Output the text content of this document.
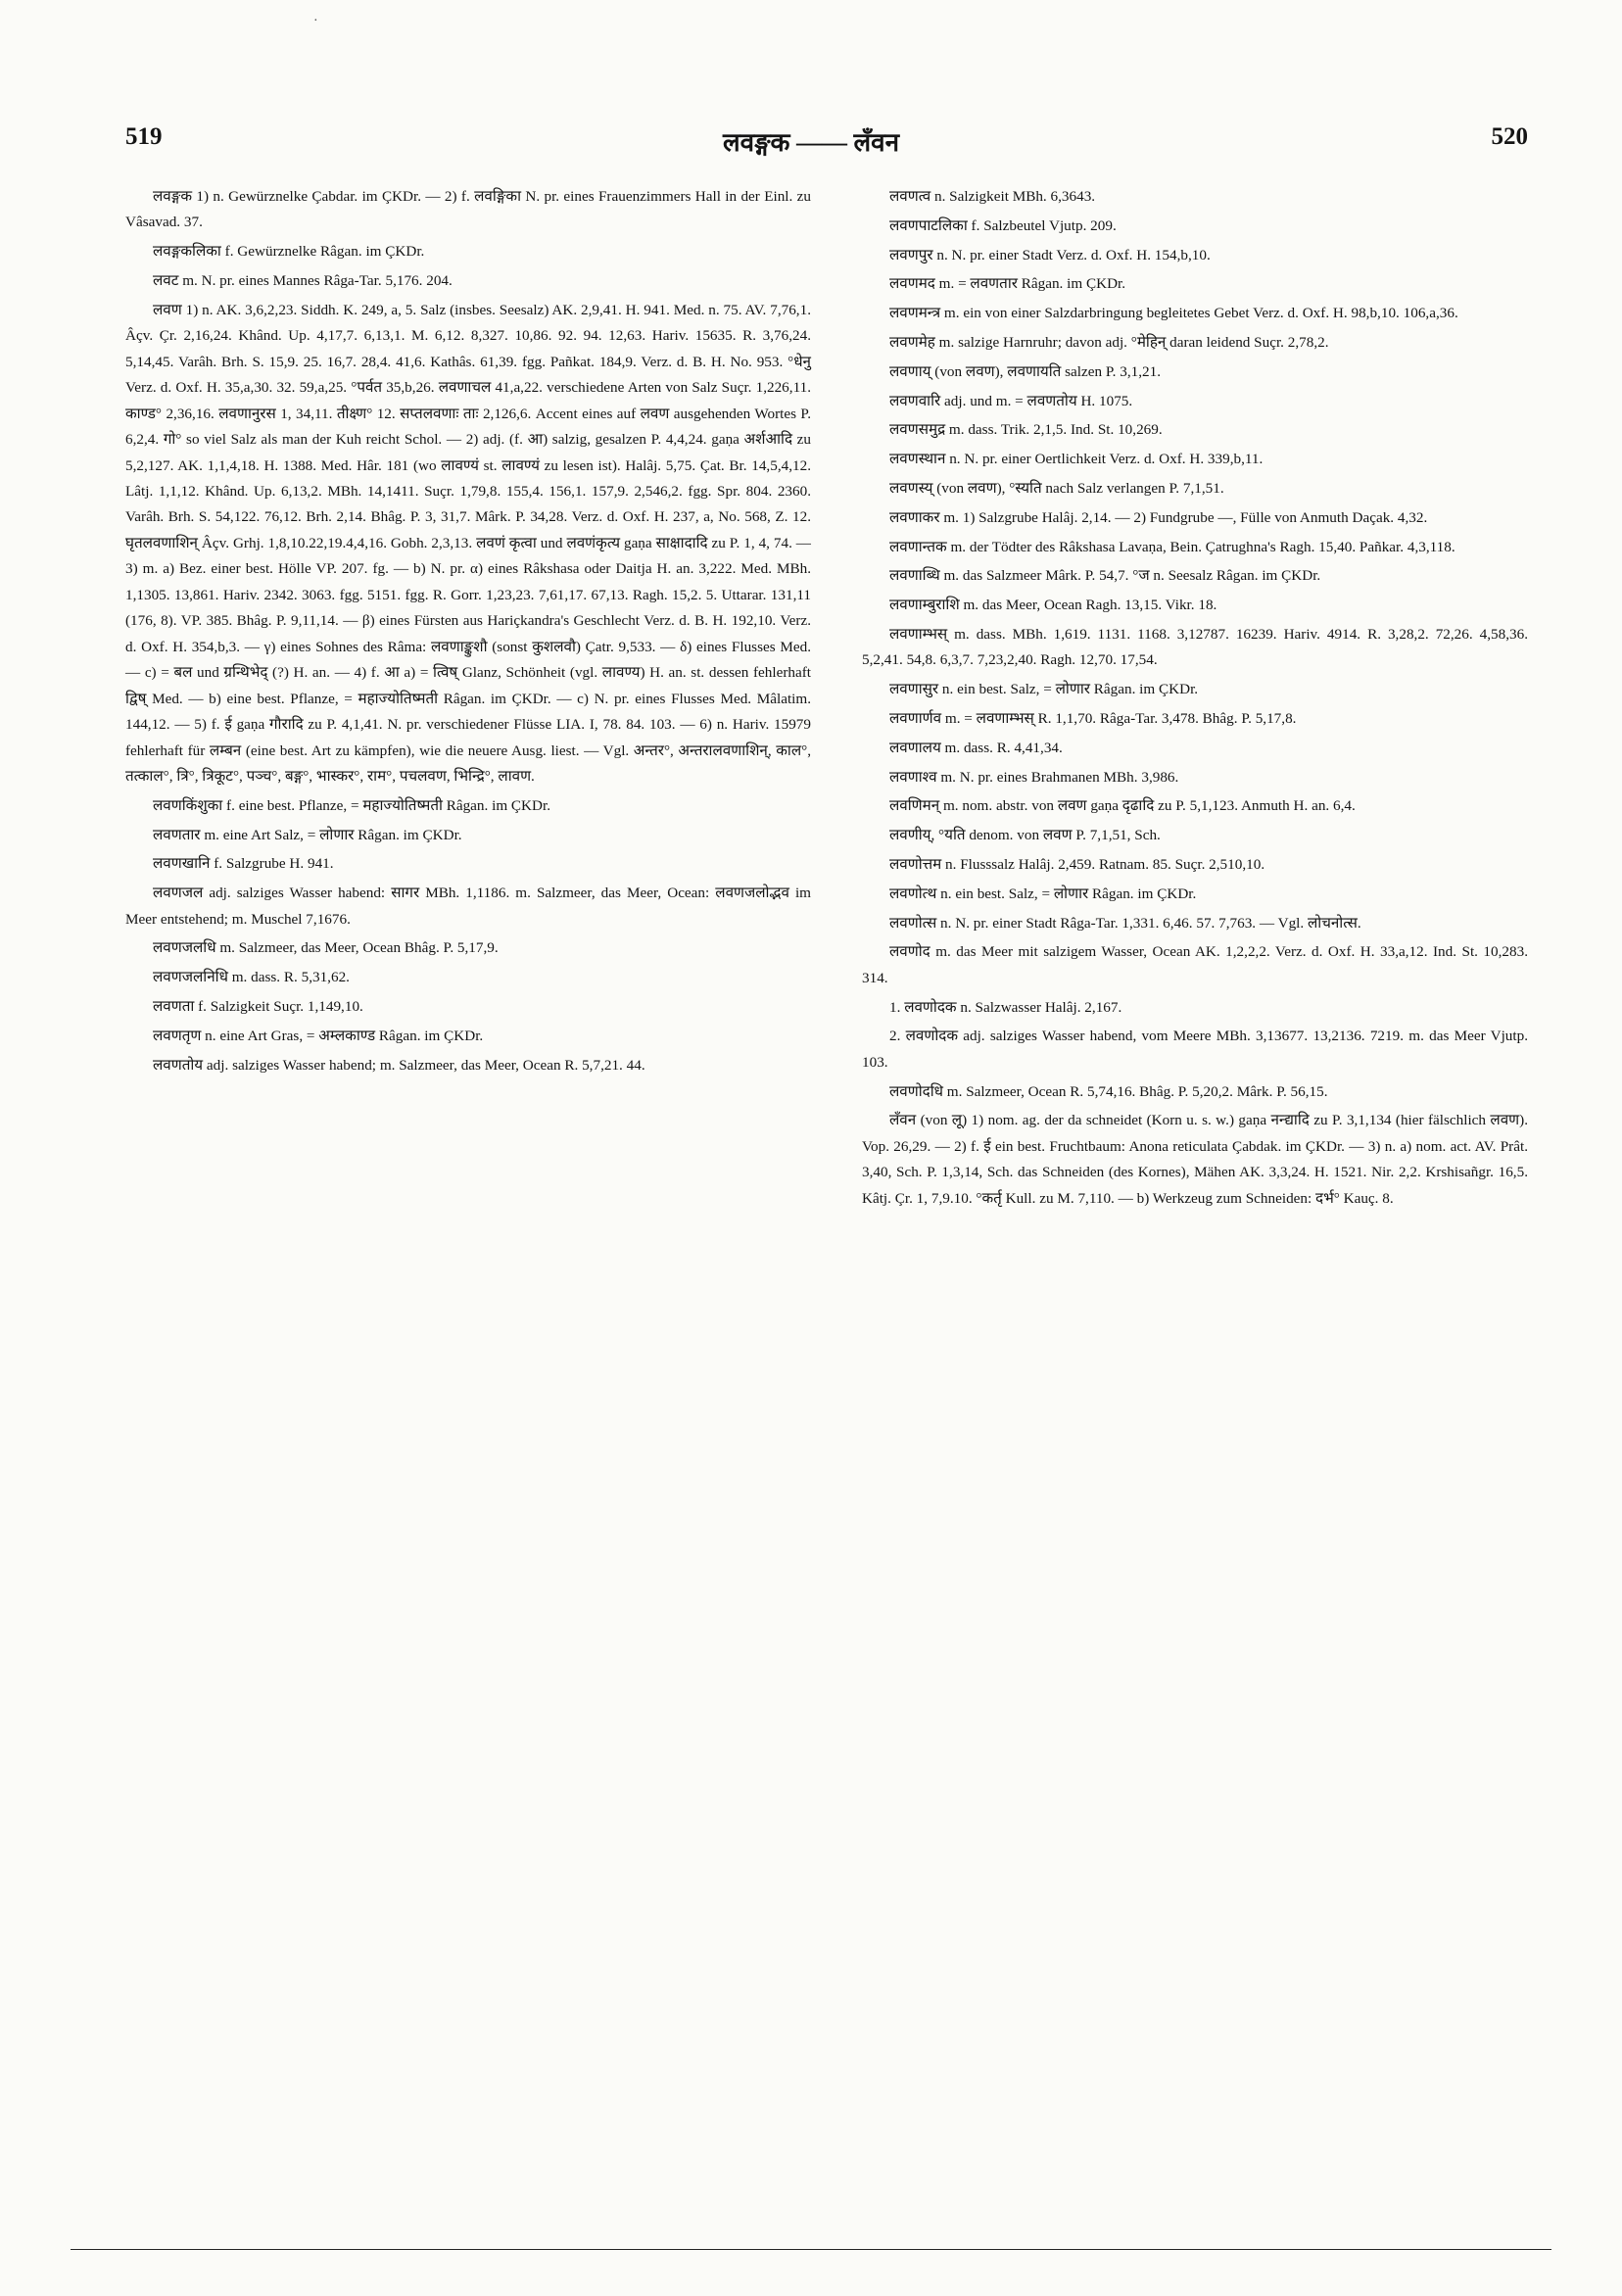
·
519	लवङ्गक —— लँवन	520

लवङ्गक 1) n. Gewürznelke Çabdar. im ÇKDr. — 2) f. लवङ्गिका N. pr. eines Frauenzimmers Hall in der Einl. zu Vâsavad. 37.

लवङ्गकलिका f. Gewürznelke Râgan. im ÇKDr.

लवट m. N. pr. eines Mannes Râga-Tar. 5,176. 204.

लवण 1) n. AK. 3,6,2,23. Siddh. K. 249, a, 5. Salz (insbes. Seesalz) AK. 2,9,41. H. 941. Med. n. 75. AV. 7,76,1. Âçv. Çr. 2,16,24. Khând. Up. 4,17,7. 6,13,1. M. 6,12. 8,327. 10,86. 92. 94. 12,63. Hariv. 15635. R. 3,76,24. 5,14,45. Varâh. Brh. S. 15,9. 25. 16,7. 28,4. 41,6. Kathâs. 61,39. fgg. Pañkat. 184,9. Verz. d. B. H. No. 953. °धेनु Verz. d. Oxf. H. 35,a,30. 32. 59,a,25. °पर्वत 35,b,26. लवणाचल 41,a,22. verschiedene Arten von Salz Suçr. 1,226,11. काण्ड° 2,36,16. लवणानुरस 1, 34,11. तीक्ष्ण° 12. सप्तलवणाः ताः 2,126,6. Accent eines auf लवण ausgehenden Wortes P. 6,2,4. गो° so viel Salz als man der Kuh reicht Schol. — 2) adj. (f. आ) salzig, gesalzen P. 4,4,24. gaṇa अर्शआदि zu 5,2,127. AK. 1,1,4,18. H. 1388. Med. Hâr. 181 (wo लावण्यं st. लावण्यं zu lesen ist). Halâj. 5,75. Çat. Br. 14,5,4,12. Lâtj. 1,1,12. Khând. Up. 6,13,2. MBh. 14,1411. Suçr. 1,79,8. 155,4. 156,1. 157,9. 2,546,2. fgg. Spr. 804. 2360. Varâh. Brh. S. 54,122. 76,12. Brh. 2,14. Bhâg. P. 3, 31,7. Mârk. P. 34,28. Verz. d. Oxf. H. 237, a, No. 568, Z. 12. घृतलवणाशिन् Âçv. Grhj. 1,8,10.22,19.4,4,16. Gobh. 2,3,13. लवणं कृत्वा und लवणंकृत्य gaṇa साक्षादादि zu P. 1, 4, 74. — 3) m. a) Bez. einer best. Hölle VP. 207. fg. — b) N. pr. α) eines Râkshasa oder Daitja H. an. 3,222. Med. MBh. 1,1305. 13,861. Hariv. 2342. 3063. fgg. 5151. fgg. R. Gorr. 1,23,23. 7,61,17. 67,13. Ragh. 15,2. 5. Uttarar. 131,11 (176, 8). VP. 385. Bhâg. P. 9,11,14. — β) eines Fürsten aus Hariçkandra's Geschlecht Verz. d. B. H. 192,10. Verz. d. Oxf. H. 354,b,3. — γ) eines Sohnes des Râma: लवणाङ्कुशौ (sonst कुशलवौ) Çatr. 9,533. — δ) eines Flusses Med. — c) = बल und ग्रन्थिभेद् (?) H. an. — 4) f. आ a) = त्विष् Glanz, Schönheit (vgl. लावण्य) H. an. st. dessen fehlerhaft द्विष् Med. — b) eine best. Pflanze, = महाज्योतिष्मती Râgan. im ÇKDr. — c) N. pr. eines Flusses Med. Mâlatim. 144,12. — 5) f. ई gaṇa गौरादि zu P. 4,1,41. N. pr. verschiedener Flüsse LIA. I, 78. 84. 103. — 6) n. Hariv. 15979 fehlerhaft für लम्बन (eine best. Art zu kämpfen), wie die neuere Ausg. liest. — Vgl. अन्तर°, अन्तरालवणाशिन्, काल°, तत्काल°, त्रि°, त्रिकूट°, पञ्च°, बङ्ग°, भास्कर°, राम°, पचलवण, भिन्द्रि°, लावण.

लवणकिंशुका f. eine best. Pflanze, = महाज्योतिष्मती Râgan. im ÇKDr.

लवणतार m. eine Art Salz, = लोणार Râgan. im ÇKDr.

लवणखानि f. Salzgrube H. 941.

लवणजल adj. salziges Wasser habend: सागर MBh. 1,1186. m. Salzmeer, das Meer, Ocean: लवणजलोद्भव im Meer entstehend; m. Muschel 7,1676.

लवणजलधि m. Salzmeer, das Meer, Ocean Bhâg. P. 5,17,9.

लवणजलनिधि m. dass. R. 5,31,62.

लवणता f. Salzigkeit Suçr. 1,149,10.

लवणतृण n. eine Art Gras, = अम्लकाण्ड Râgan. im ÇKDr.

लवणतोय adj. salziges Wasser habend; m. Salzmeer, das Meer, Ocean R. 5,7,21. 44.

लवणत्व n. Salzigkeit MBh. 6,3643.

लवणपाटलिका f. Salzbeutel Vjutp. 209.

लवणपुर n. N. pr. einer Stadt Verz. d. Oxf. H. 154,b,10.

लवणमद m. = लवणतार Râgan. im ÇKDr.

लवणमन्त्र m. ein von einer Salzdarbringung begleitetes Gebet Verz. d. Oxf. H. 98,b,10. 106,a,36.

लवणमेह m. salzige Harnruhr; davon adj. °मेहिन् daran leidend Suçr. 2,78,2.

लवणाय् (von लवण), लवणायति salzen P. 3,1,21.

लवणवारि adj. und m. = लवणतोय H. 1075.

लवणसमुद्र m. dass. Trik. 2,1,5. Ind. St. 10,269.

लवणस्थान n. N. pr. einer Oertlichkeit Verz. d. Oxf. H. 339,b,11.

लवणस्य् (von लवण), °स्यति nach Salz verlangen P. 7,1,51.

लवणाकर m. 1) Salzgrube Halâj. 2,14. — 2) Fundgrube —, Fülle von Anmuth Daçak. 4,32.

लवणान्तक m. der Tödter des Râkshasa Lavaṇa, Bein. Çatrughna's Ragh. 15,40. Pañkar. 4,3,118.

लवणाब्धि m. das Salzmeer Mârk. P. 54,7. °ज n. Seesalz Râgan. im ÇKDr.

लवणाम्बुराशि m. das Meer, Ocean Ragh. 13,15. Vikr. 18.

लवणाम्भस् m. dass. MBh. 1,619. 1131. 1168. 3,12787. 16239. Hariv. 4914. R. 3,28,2. 72,26. 4,58,36. 5,2,41. 54,8. 6,3,7. 7,23,2,40. Ragh. 12,70. 17,54.

लवणासुर n. ein best. Salz, = लोणार Râgan. im ÇKDr.

लवणार्णव m. = लवणाम्भस् R. 1,1,70. Râga-Tar. 3,478. Bhâg. P. 5,17,8.

लवणालय m. dass. R. 4,41,34.

लवणाश्व m. N. pr. eines Brahmanen MBh. 3,986.

लवणिमन् m. nom. abstr. von लवण gaṇa दृढादि zu P. 5,1,123. Anmuth H. an. 6,4.

लवणीय्, °यति denom. von लवण P. 7,1,51, Sch.

लवणोत्तम n. Flusssalz Halâj. 2,459. Ratnam. 85. Suçr. 2,510,10.

लवणोत्थ n. ein best. Salz, = लोणार Râgan. im ÇKDr.

लवणोत्स n. N. pr. einer Stadt Râga-Tar. 1,331. 6,46. 57. 7,763. — Vgl. लोचनोत्स.

लवणोद m. das Meer mit salzigem Wasser, Ocean AK. 1,2,2,2. Verz. d. Oxf. H. 33,a,12. Ind. St. 10,283. 314.

1. लवणोदक n. Salzwasser Halâj. 2,167.

2. लवणोदक adj. salziges Wasser habend, vom Meere MBh. 3,13677. 13,2136. 7219. m. das Meer Vjutp. 103.

लवणोदधि m. Salzmeer, Ocean R. 5,74,16. Bhâg. P. 5,20,2. Mârk. P. 56,15.

लँवन (von लू) 1) nom. ag. der da schneidet (Korn u. s. w.) gaṇa नन्द्यादि zu P. 3,1,134 (hier fälschlich लवण). Vop. 26,29. — 2) f. ई ein best. Fruchtbaum: Anona reticulata Çabdak. im ÇKDr. — 3) n. a) nom. act. AV. Prât. 3,40, Sch. P. 1,3,14, Sch. das Schneiden (des Kornes), Mähen AK. 3,3,24. H. 1521. Nir. 2,2. Krshisañgr. 16,5. Kâtj. Çr. 1, 7,9.10. °कर्तृ Kull. zu M. 7,110. — b) Werkzeug zum Schneiden: दर्भ° Kauç. 8.
